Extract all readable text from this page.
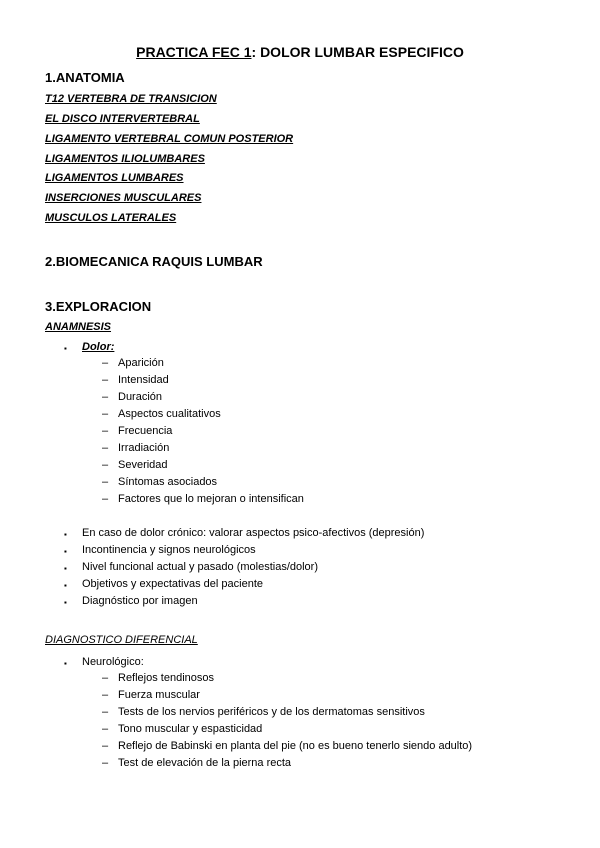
PRACTICA FEC 1: DOLOR LUMBAR ESPECIFICO
1.ANATOMIA
T12 VERTEBRA DE TRANSICION
EL DISCO INTERVERTEBRAL
LIGAMENTO VERTEBRAL COMUN POSTERIOR
LIGAMENTOS ILIOLUMBARES
LIGAMENTOS LUMBARES
INSERCIONES MUSCULARES
MUSCULOS LATERALES
2.BIOMECANICA RAQUIS LUMBAR
3.EXPLORACION
ANAMNESIS
▪ Dolor:
– Aparición
– Intensidad
– Duración
– Aspectos cualitativos
– Frecuencia
– Irradiación
– Severidad
– Síntomas asociados
– Factores que lo mejoran o intensifican
▪ En caso de dolor crónico: valorar aspectos psico-afectivos (depresión)
▪ Incontinencia y signos neurológicos
▪ Nivel funcional actual y pasado (molestias/dolor)
▪ Objetivos y expectativas del paciente
▪ Diagnóstico por imagen
DIAGNOSTICO DIFERENCIAL
▪ Neurológico:
– Reflejos tendinosos
– Fuerza muscular
– Tests de los nervios periféricos y de los dermatomas sensitivos
– Tono muscular y espasticidad
– Reflejo de Babinski en planta del pie (no es bueno tenerlo siendo adulto)
– Test de elevación de la pierna recta
